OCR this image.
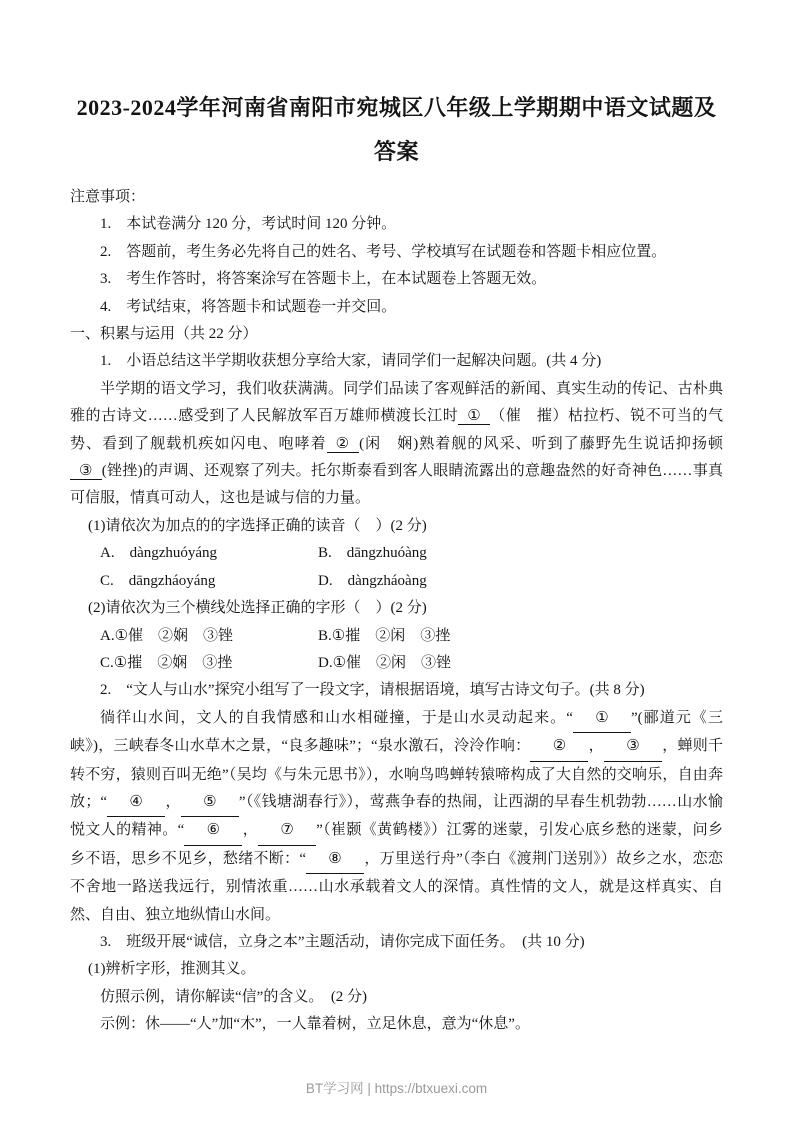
2023-2024学年河南省南阳市宛城区八年级上学期期中语文试题及答案

注意事项：

1.　本试卷满分 120 分，考试时间 120 分钟。

2.　答题前，考生务必先将自己的姓名、考号、学校填写在试题卷和答题卡相应位置。

3.　考生作答时，将答案涂写在答题卡上，在本试题卷上答题无效。

4.　考试结束，将答题卡和试题卷一并交回。

一、积累与运用（共 22 分）

1.　小语总结这半学期收获想分享给大家，请同学们一起解决问题。(共 4 分)

半学期的语文学习，我们收获满满。同学们品读了客观鲜活的新闻、真实生动的传记、古朴典雅的古诗文……感受到了人民解放军百万雄师横渡长江时 ① （催　摧）枯拉朽、锐不可当的气势、看到了舰载机疾如闪电、咆哮着 ② (闲　娴)熟着舰的风采、听到了藤野先生说话抑扬顿③ (锉挫)的声调、还观察了列夫。托尔斯泰看到客人眼睛流露出的意趣盎然的好奇神色……事真可信服，情真可动人，这也是诚与信的力量。

(1)请依次为加点的的字选择正确的读音（　）(2 分)

A.　dàngzhuóyáng	B.　dāngzhuóàng

C.　dāngzháoyáng	D.　dàngzháoàng

(2)请依次为三个横线处选择正确的字形（　）(2 分)

A.①催　②娴　③锉	B.①摧　②闲　③挫

C.①摧　②娴　③挫	D.①催　②闲　③锉

2.　“文人与山水”探究小组写了一段文字，请根据语境，填写古诗文句子。(共 8 分)

徜徉山水间，文人的自我情感和山水相碰撞，于是山水灵动起来。“ ① ”(郦道元《三峡》)，三峡春冬山水草木之景，“良多趣味”；“泉水激石，泠泠作响： ② ， ③ ，蝉则千转不穷，猿则百叫无绝”（吴均《与朱元思书》），水响鸟鸣蝉转猿啼构成了大自然的交响乐，自由奔放；“ ④ ， ⑤ ”（《钱塘湖春行》），莺燕争春的热闹，让西湖的早春生机勃勃……山水愉悦文人的精神。“ ⑥ ， ⑦ ”（崔颢《黄鹤楼》）江雾的迷蒙，引发心底乡愁的迷蒙，问乡乡不语，思乡不见乡，愁绪不断：“ ⑧ ，万里送行舟”（李白《渡荆门送别》）故乡之水，恋恋不舍地一路送我远行，别情浓重……山水承载着文人的深情。真性情的文人，就是这样真实、自然、自由、独立地纵情山水间。

3.　班级开展“诚信，立身之本”主题活动，请你完成下面任务。　(共 10 分)

(1)辨析字形，推测其义。

仿照示例，请你解读“信”的含义。　(2 分)

示例：休——“人”加“木”，一人靠着树，立足休息，意为“休息”。

BT学习网 | https://btxuexi.com
